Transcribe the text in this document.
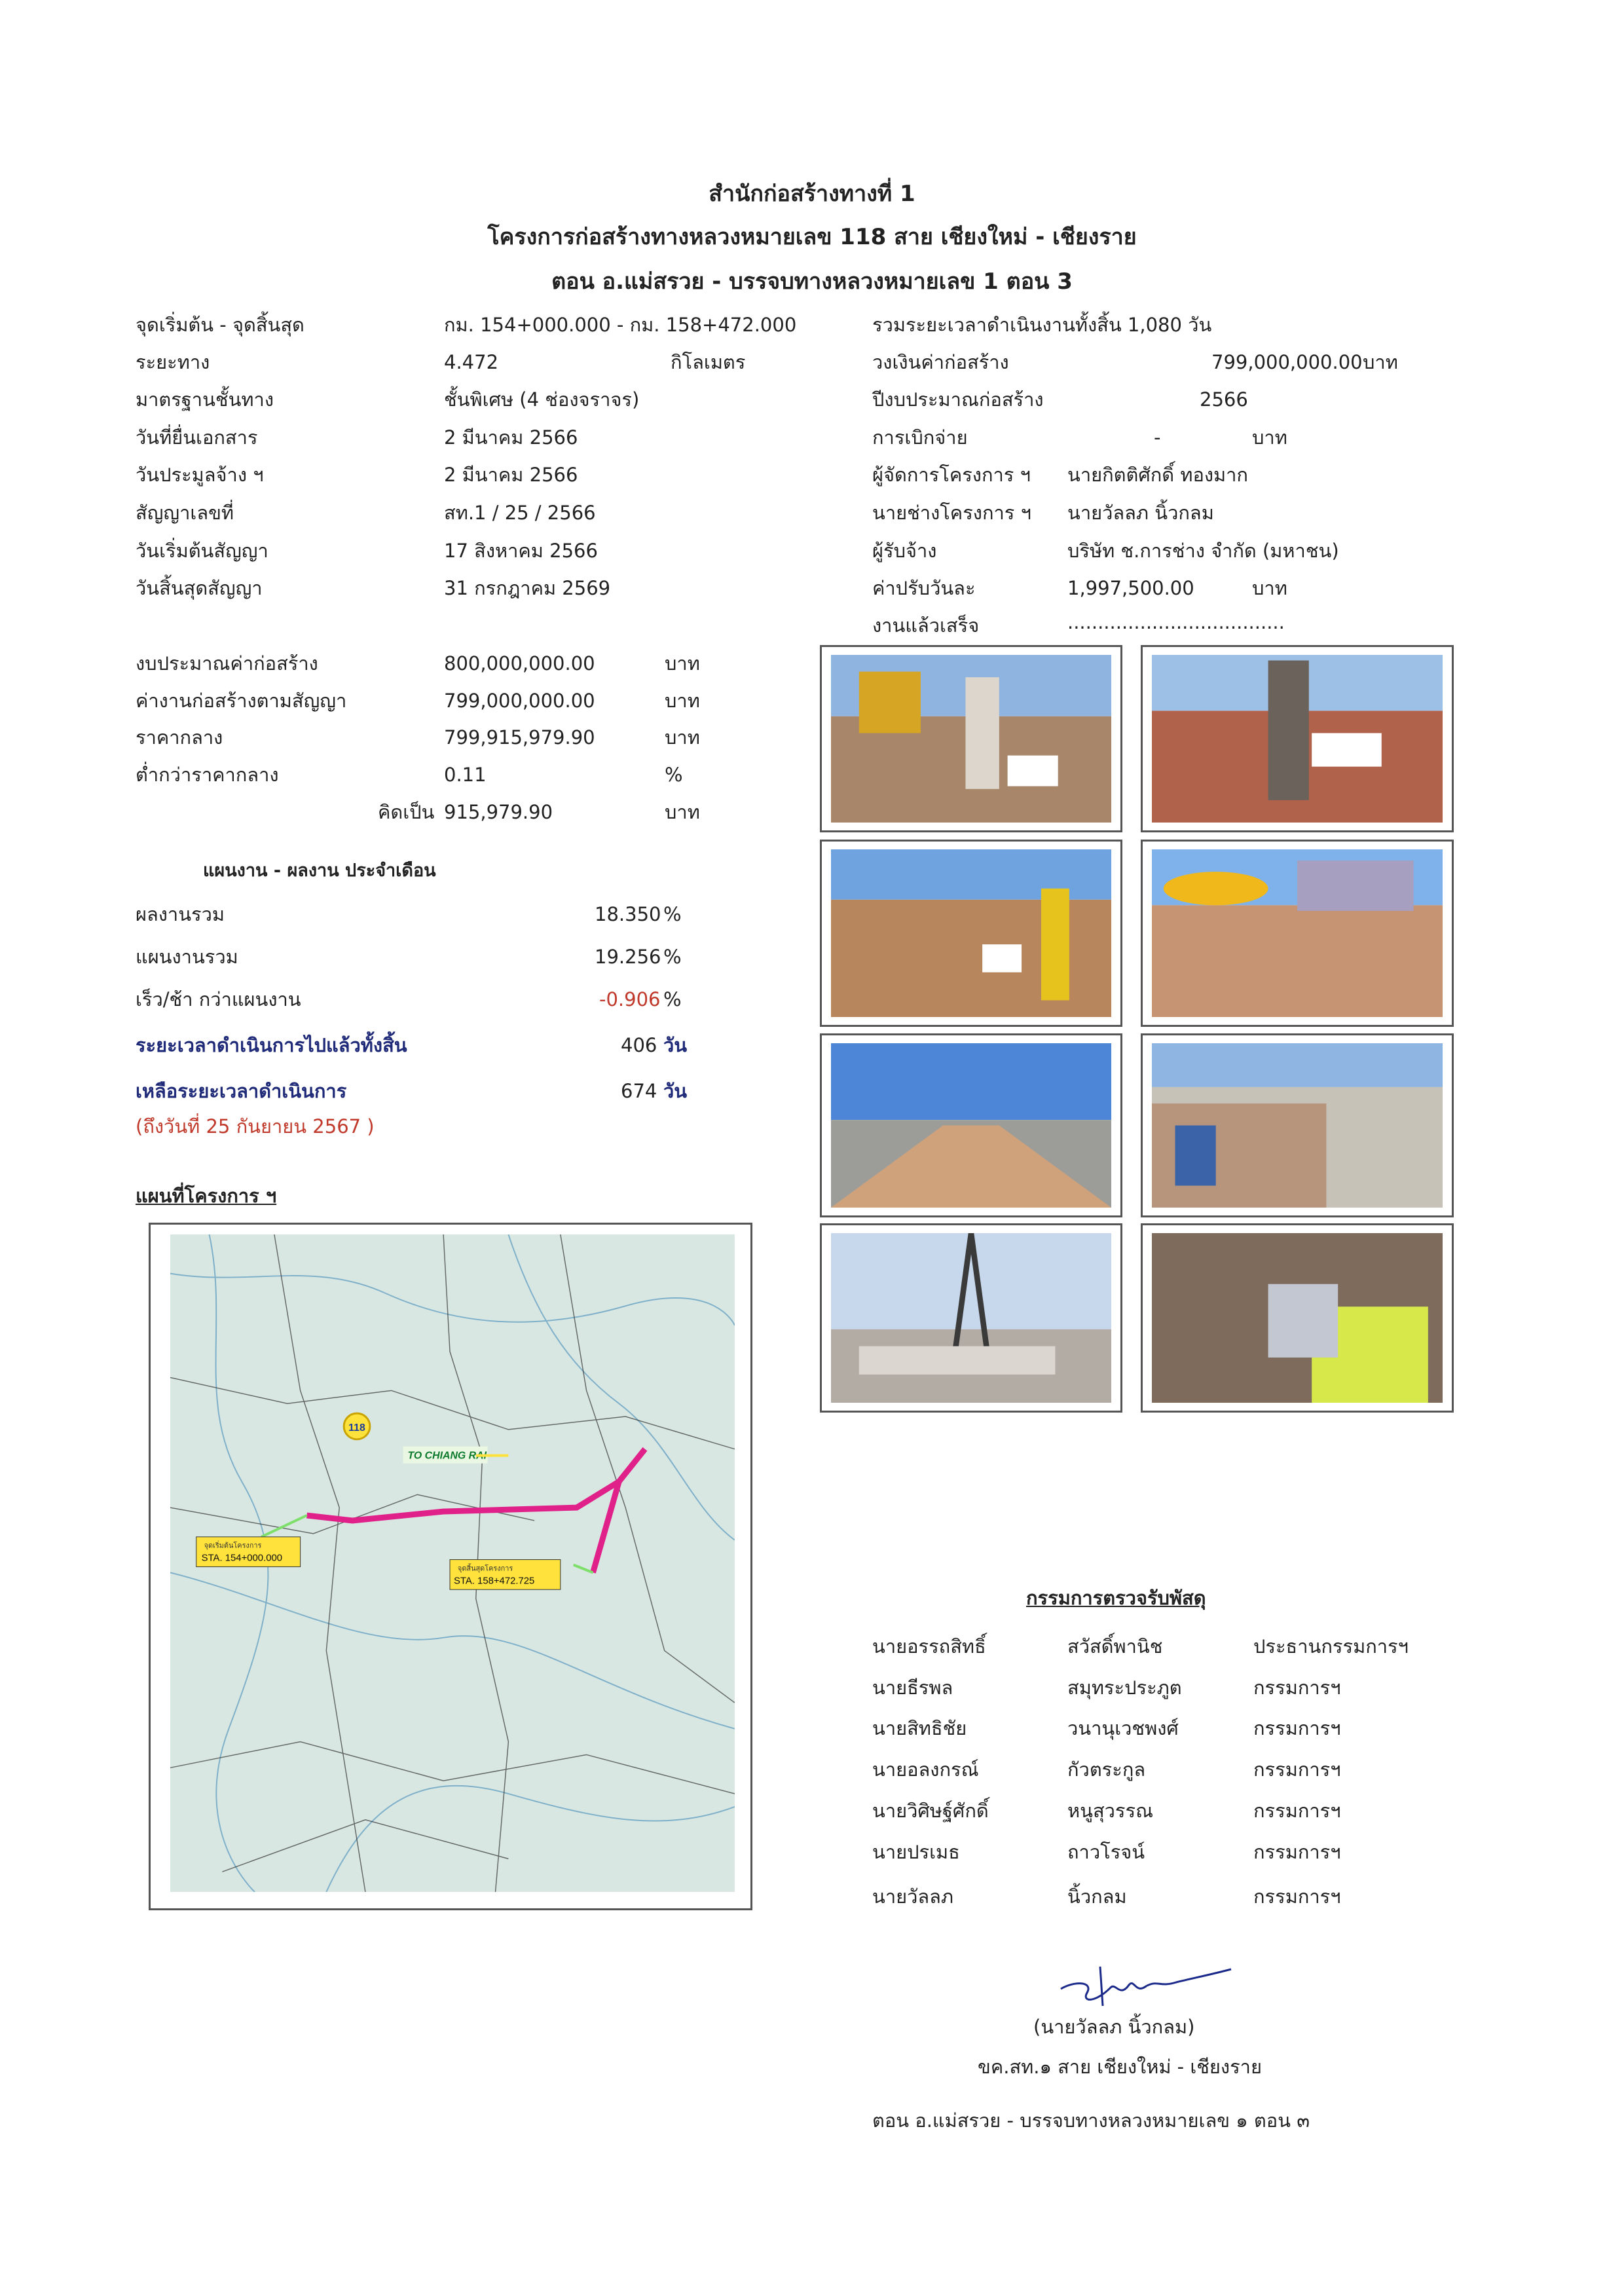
สำนักก่อสร้างทางที่ 1
โครงการก่อสร้างทางหลวงหมายเลข 118 สาย เชียงใหม่ - เชียงราย
ตอน อ.แม่สรวย - บรรจบทางหลวงหมายเลข 1 ตอน 3
จุดเริ่มต้น - จุดสิ้นสุด	กม. 154+000.000 - กม. 158+472.000
ระยะทาง	4.472	กิโลเมตร
มาตรฐานชั้นทาง	ชั้นพิเศษ (4 ช่องจราจร)
วันที่ยื่นเอกสาร	2 มีนาคม 2566
วันประมูลจ้าง ฯ	2 มีนาคม 2566
สัญญาเลขที่	สท.1 / 25 / 2566
วันเริ่มต้นสัญญา	17 สิงหาคม 2566
วันสิ้นสุดสัญญา	31 กรกฎาคม 2569
รวมระยะเวลาดำเนินงานทั้งสิ้น 1,080 วัน
วงเงินค่าก่อสร้าง	799,000,000.00 บาท
ปีงบประมาณก่อสร้าง	2566
การเบิกจ่าย	-	บาท
ผู้จัดการโครงการ ฯ นายกิตติศักดิ์ ทองมาก
นายช่างโครงการ ฯ นายวัลลภ นิ้วกลม
ผู้รับจ้าง	บริษัท ช.การช่าง จำกัด (มหาชน)
ค่าปรับวันละ	1,997,500.00	บาท
งานแล้วเสร็จ	....................................
งบประมาณค่าก่อสร้าง	800,000,000.00	บาท
ค่างานก่อสร้างตามสัญญา	799,000,000.00	บาท
ราคากลาง	799,915,979.90	บาท
ต่ำกว่าราคากลาง	0.11	%
คิดเป็น 915,979.90	บาท
แผนงาน - ผลงาน ประจำเดือน
ผลงานรวม	18.350 %
แผนงานรวม	19.256 %
เร็ว/ช้า กว่าแผนงาน	-0.906 %
ระยะเวลาดำเนินการไปแล้วทั้งสิ้น	406 วัน
เหลือระยะเวลาดำเนินการ	674 วัน
(ถึงวันที่ 25 กันยายน 2567 )
แผนที่โครงการ ฯ
118
TO CHIANG RAI
จุดเริ่มต้นโครงการ
STA. 154+000.000
จุดสิ้นสุดโครงการ
STA. 158+472.725
กรรมการตรวจรับพัสดุ
นายอรรถสิทธิ์	สวัสดิ์พานิช	ประธานกรรมการฯ
นายธีรพล	สมุทระประภูต	กรรมการฯ
นายสิทธิชัย	วนานุเวชพงศ์	กรรมการฯ
นายอลงกรณ์	กัวตระกูล	กรรมการฯ
นายวิศิษฐ์ศักดิ์	หนูสุวรรณ	กรรมการฯ
นายปรเมธ	ถาวโรจน์	กรรมการฯ
นายวัลลภ	นิ้วกลม	กรรมการฯ
(นายวัลลภ นิ้วกลม)
ขค.สท.๑ สาย เชียงใหม่ - เชียงราย
ตอน อ.แม่สรวย - บรรจบทางหลวงหมายเลข ๑ ตอน ๓
